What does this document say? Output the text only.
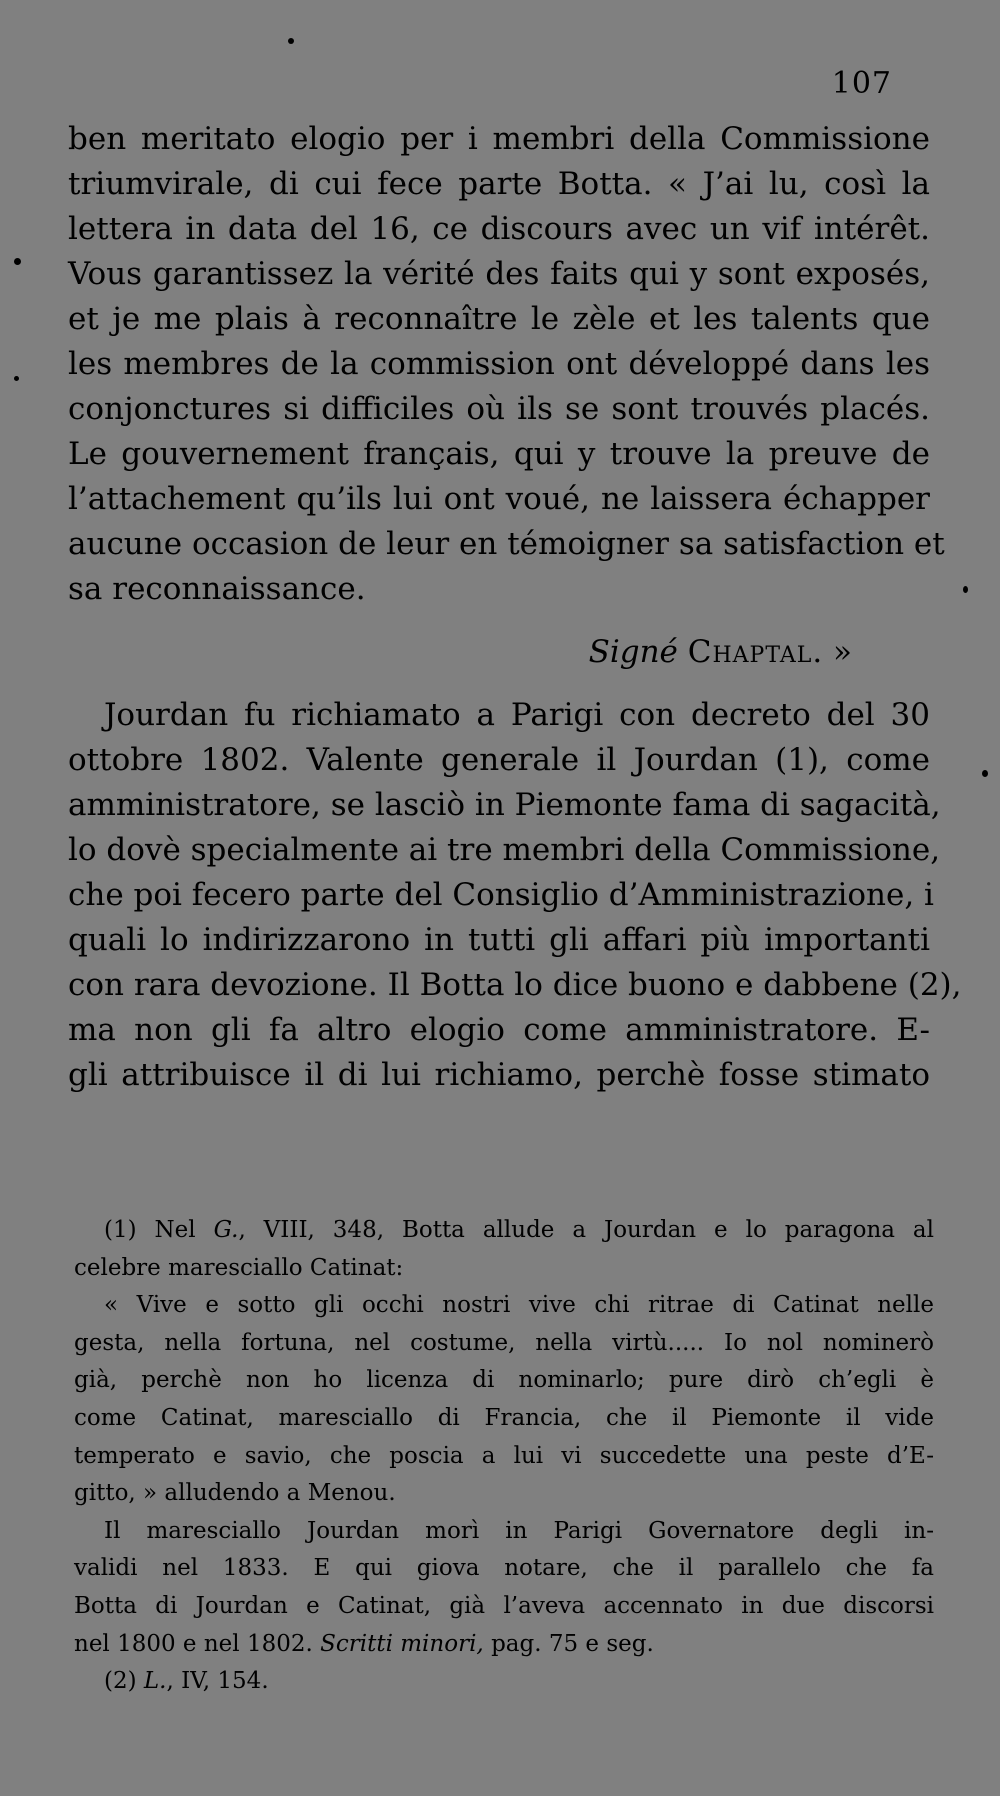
107
ben meritato elogio per i membri della Commissione
triumvirale, di cui fece parte Botta. « J’ai lu, così la
lettera in data del 16, ce discours avec un vif intérêt.
Vous garantissez la vérité des faits qui y sont exposés,
et je me plais à reconnaître le zèle et les talents que
les membres de la commission ont développé dans les
conjonctures si difficiles où ils se sont trouvés placés.
Le gouvernement français, qui y trouve la preuve de
l’attachement qu’ils lui ont voué, ne laissera échapper
aucune occasion de leur en témoigner sa satisfaction et
sa reconnaissance.
Signé Chaptal. »
Jourdan fu richiamato a Parigi con decreto del 30
ottobre 1802. Valente generale il Jourdan (1), come
amministratore, se lasciò in Piemonte fama di sagacità,
lo dovè specialmente ai tre membri della Commissione,
che poi fecero parte del Consiglio d’Amministrazione, i
quali lo indirizzarono in tutti gli affari più importanti
con rara devozione. Il Botta lo dice buono e dabbene (2),
ma non gli fa altro elogio come amministratore. E-
gli attribuisce il di lui richiamo, perchè fosse stimato
(1) Nel G., VIII, 348, Botta allude a Jourdan e lo paragona al
celebre maresciallo Catinat:
« Vive e sotto gli occhi nostri vive chi ritrae di Catinat nelle
gesta, nella fortuna, nel costume, nella virtù..... Io nol nominerò
già, perchè non ho licenza di nominarlo; pure dirò ch’egli è
come Catinat, maresciallo di Francia, che il Piemonte il vide
temperato e savio, che poscia a lui vi succedette una peste d’E-
gitto, » alludendo a Menou.
Il maresciallo Jourdan morì in Parigi Governatore degli in-
validi nel 1833. E qui giova notare, che il parallelo che fa
Botta di Jourdan e Catinat, già l’aveva accennato in due discorsi
nel 1800 e nel 1802. Scritti minori, pag. 75 e seg.
(2) L., IV, 154.
